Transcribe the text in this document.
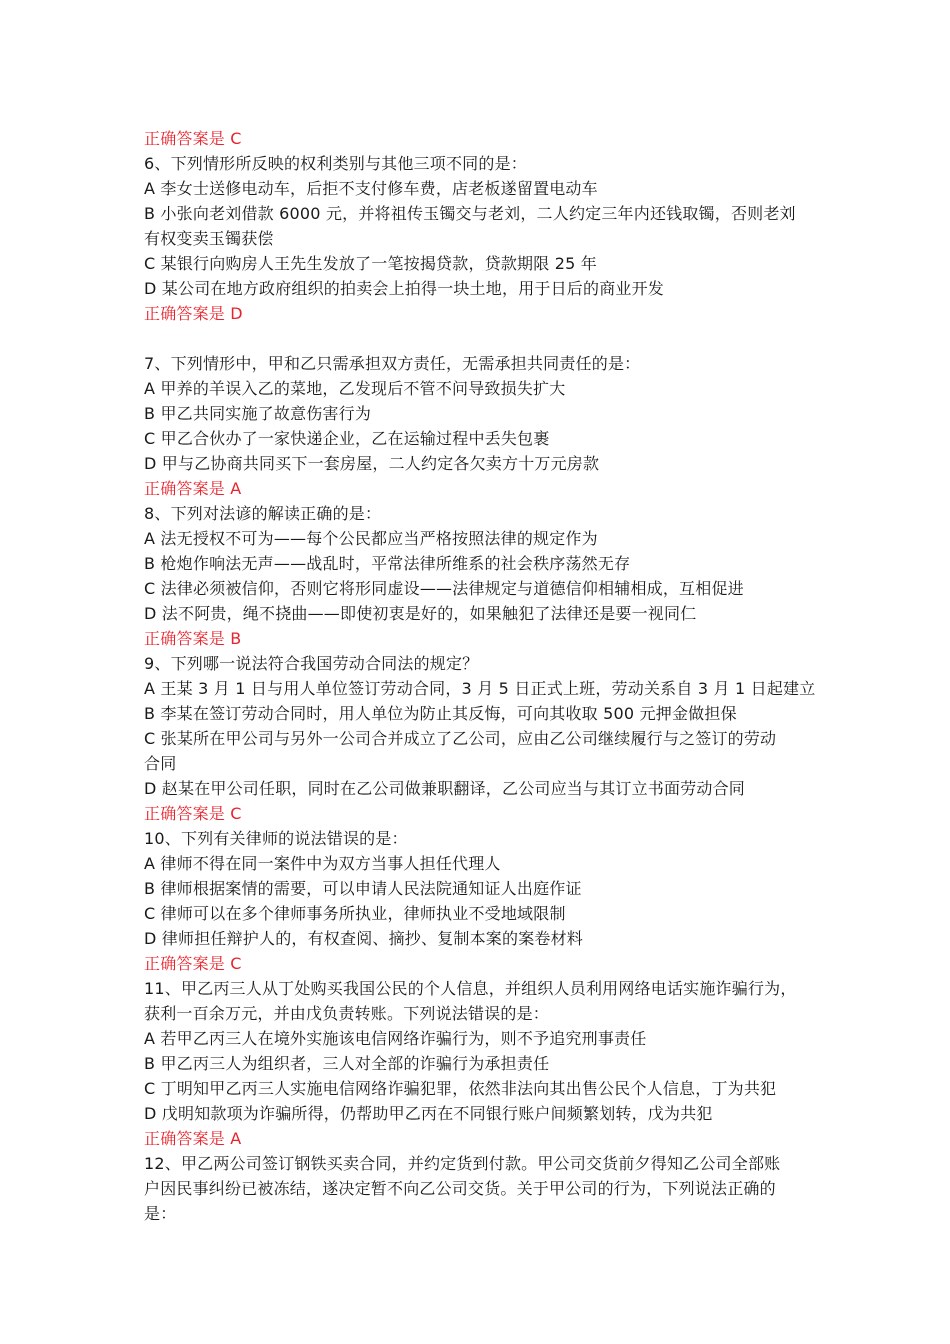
正确答案是 C
6、下列情形所反映的权利类别与其他三项不同的是：
A 李女士送修电动车，后拒不支付修车费，店老板遂留置电动车
B 小张向老刘借款 6000 元，并将祖传玉镯交与老刘，二人约定三年内还钱取镯，否则老刘
有权变卖玉镯获偿
C 某银行向购房人王先生发放了一笔按揭贷款，贷款期限 25 年
D 某公司在地方政府组织的拍卖会上拍得一块土地，用于日后的商业开发
正确答案是 D
7、下列情形中，甲和乙只需承担双方责任，无需承担共同责任的是：
A 甲养的羊误入乙的菜地，乙发现后不管不问导致损失扩大
B 甲乙共同实施了故意伤害行为
C 甲乙合伙办了一家快递企业，乙在运输过程中丢失包裹
D 甲与乙协商共同买下一套房屋，二人约定各欠卖方十万元房款
正确答案是 A
8、下列对法谚的解读正确的是：
A 法无授权不可为——每个公民都应当严格按照法律的规定作为
B 枪炮作响法无声——战乱时，平常法律所维系的社会秩序荡然无存
C 法律必须被信仰，否则它将形同虚设——法律规定与道德信仰相辅相成，互相促进
D 法不阿贵，绳不挠曲——即使初衷是好的，如果触犯了法律还是要一视同仁
正确答案是 B
9、下列哪一说法符合我国劳动合同法的规定？
A 王某 3 月 1 日与用人单位签订劳动合同，3 月 5 日正式上班，劳动关系自 3 月 1 日起建立
B 李某在签订劳动合同时，用人单位为防止其反悔，可向其收取 500 元押金做担保
C 张某所在甲公司与另外一公司合并成立了乙公司，应由乙公司继续履行与之签订的劳动
合同
D 赵某在甲公司任职，同时在乙公司做兼职翻译，乙公司应当与其订立书面劳动合同
正确答案是 C
10、下列有关律师的说法错误的是：
A 律师不得在同一案件中为双方当事人担任代理人
B 律师根据案情的需要，可以申请人民法院通知证人出庭作证
C 律师可以在多个律师事务所执业，律师执业不受地域限制
D 律师担任辩护人的，有权查阅、摘抄、复制本案的案卷材料
正确答案是 C
11、甲乙丙三人从丁处购买我国公民的个人信息，并组织人员利用网络电话实施诈骗行为，
获利一百余万元，并由戊负责转账。下列说法错误的是：
A 若甲乙丙三人在境外实施该电信网络诈骗行为，则不予追究刑事责任
B 甲乙丙三人为组织者，三人对全部的诈骗行为承担责任
C 丁明知甲乙丙三人实施电信网络诈骗犯罪，依然非法向其出售公民个人信息，丁为共犯
D 戊明知款项为诈骗所得，仍帮助甲乙丙在不同银行账户间频繁划转，戊为共犯
正确答案是 A
12、甲乙两公司签订钢铁买卖合同，并约定货到付款。甲公司交货前夕得知乙公司全部账
户因民事纠纷已被冻结，遂决定暂不向乙公司交货。关于甲公司的行为，下列说法正确的
是：
